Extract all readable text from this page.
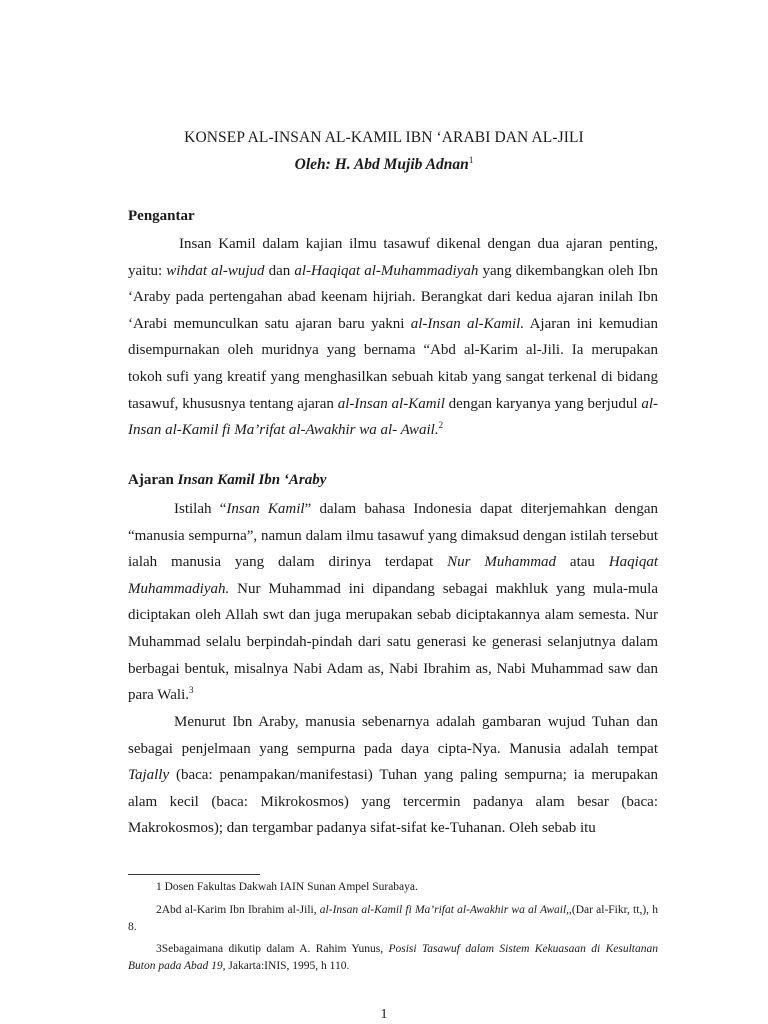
KONSEP AL-INSAN AL-KAMIL IBN ‘ARABI DAN AL-JILI
Oleh: H. Abd Mujib Adnan$^1$
Pengantar

Insan Kamil dalam kajian ilmu tasawuf dikenal dengan dua ajaran penting, yaitu: wihdat al-wujud dan al-Haqiqat al-Muhammadiyah yang dikembangkan oleh Ibn ‘Araby pada pertengahan abad keenam hijriah. Berangkat dari kedua ajaran inilah Ibn ‘Arabi memunculkan satu ajaran baru yakni al-Insan al-Kamil. Ajaran ini kemudian disempurnakan oleh muridnya yang bernama “Abd al-Karim al-Jili. Ia merupakan tokoh sufi yang kreatif yang menghasilkan sebuah kitab yang sangat terkenal di bidang tasawuf, khususnya tentang ajaran al-Insan al-Kamil dengan karyanya yang berjudul al-Insan al-Kamil fi Ma’rifat al-Awakhir wa al- Awail.$^2$

Ajaran Insan Kamil Ibn ‘Araby

Istilah “Insan Kamil” dalam bahasa Indonesia dapat diterjemahkan dengan “manusia sempurna”, namun dalam ilmu tasawuf yang dimaksud dengan istilah tersebut ialah manusia yang dalam dirinya terdapat Nur Muhammad atau Haqiqat Muhammadiyah. Nur Muhammad ini dipandang sebagai makhluk yang mula-mula diciptakan oleh Allah swt dan juga merupakan sebab diciptakannya alam semesta. Nur Muhammad selalu berpindah-pindah dari satu generasi ke generasi selanjutnya dalam berbagai bentuk, misalnya Nabi Adam as, Nabi Ibrahim as, Nabi Muhammad saw dan para Wali.$^3$

Menurut Ibn Araby, manusia sebenarnya adalah gambaran wujud Tuhan dan sebagai penjelmaan yang sempurna pada daya cipta-Nya. Manusia adalah tempat Tajally (baca: penampakan/manifestasi) Tuhan yang paling sempurna; ia merupakan alam kecil (baca: Mikrokosmos) yang tercermin padanya alam besar (baca: Makrokosmos); dan tergambar padanya sifat-sifat ke-Tuhanan. Oleh sebab itu

1 Dosen Fakultas Dakwah IAIN Sunan Ampel Surabaya.

2Abd al-Karim Ibn Ibrahim al-Jili, al-Insan al-Kamil fi Ma’rifat al-Awakhir wa al Awail,,(Dar al-Fikr, tt,), h 8.

3Sebagaimana dikutip dalam A. Rahim Yunus, Posisi Tasawuf dalam Sistem Kekuasaan di Kesultanan Buton pada Abad 19, Jakarta:INIS, 1995, h 110.

1
